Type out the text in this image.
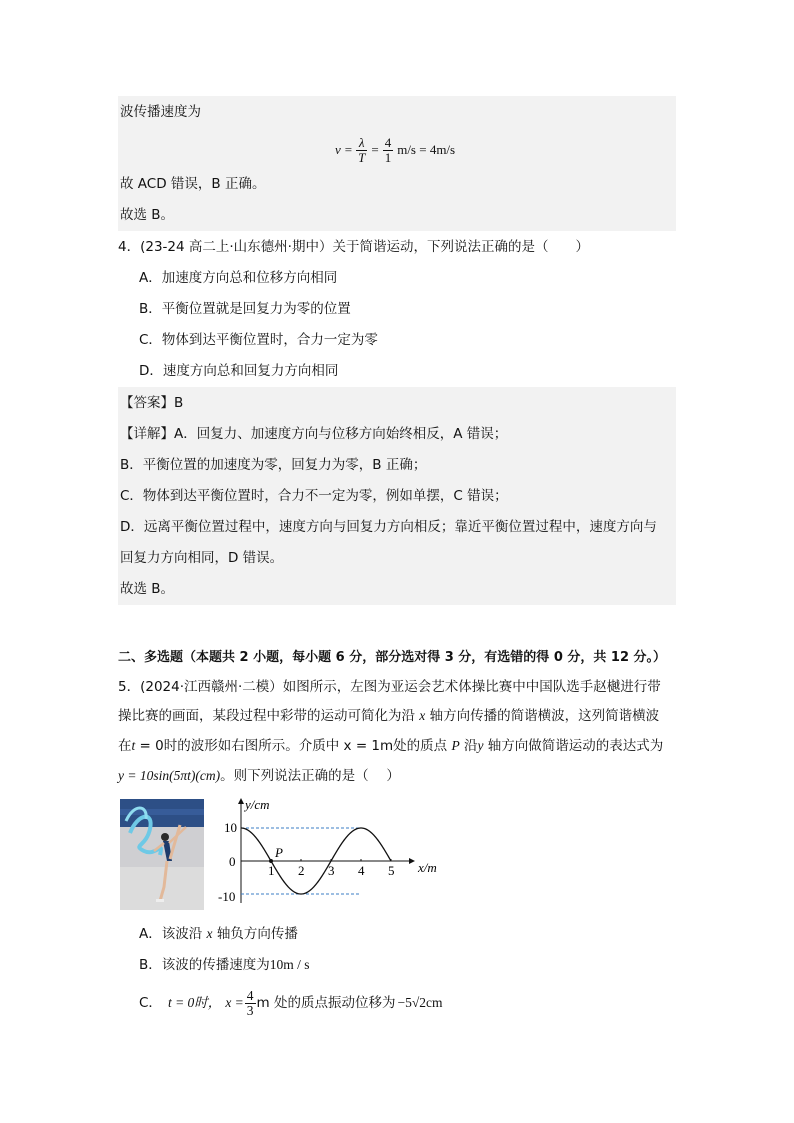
波传播速度为
$v = \frac{\lambda}{T} = \frac{4}{1} m/s = 4m/s$
故 ACD 错误，B 正确。
故选 B。
4．(23-24 高二上·山东德州·期中）关于简谐运动，下列说法正确的是（　　）
A．加速度方向总和位移方向相同
B．平衡位置就是回复力为零的位置
C．物体到达平衡位置时，合力一定为零
D．速度方向总和回复力方向相同
【答案】B
【详解】A．回复力、加速度方向与位移方向始终相反，A 错误；
B．平衡位置的加速度为零，回复力为零，B 正确；
C．物体到达平衡位置时，合力不一定为零，例如单摆，C 错误；
D．远离平衡位置过程中，速度方向与回复力方向相反；靠近平衡位置过程中，速度方向与
回复力方向相同，D 错误。
故选 B。
二、多选题（本题共 2 小题，每小题 6 分，部分选对得 3 分，有选错的得 0 分，共 12 分。）
5．(2024·江西赣州·二模）如图所示，左图为亚运会艺术体操比赛中中国队选手赵樾进行带
操比赛的画面，某段过程中彩带的运动可简化为沿 x 轴方向传播的简谐横波，这列简谐横波
在t = 0时的波形如右图所示。介质中 x = 1m处的质点 P 沿y 轴方向做简谐运动的表达式为
y = 10sin(5πt)(cm)。则下列说法正确的是（　 ）
y/cm
x/m
10
0
-10
1 2 3 4 5
P
A．该波沿 x 轴负方向传播
B．该波的传播速度为10m / s
C． t = 0时， $x = \frac{4}{3}$ m 处的质点振动位移为 −5√2cm
